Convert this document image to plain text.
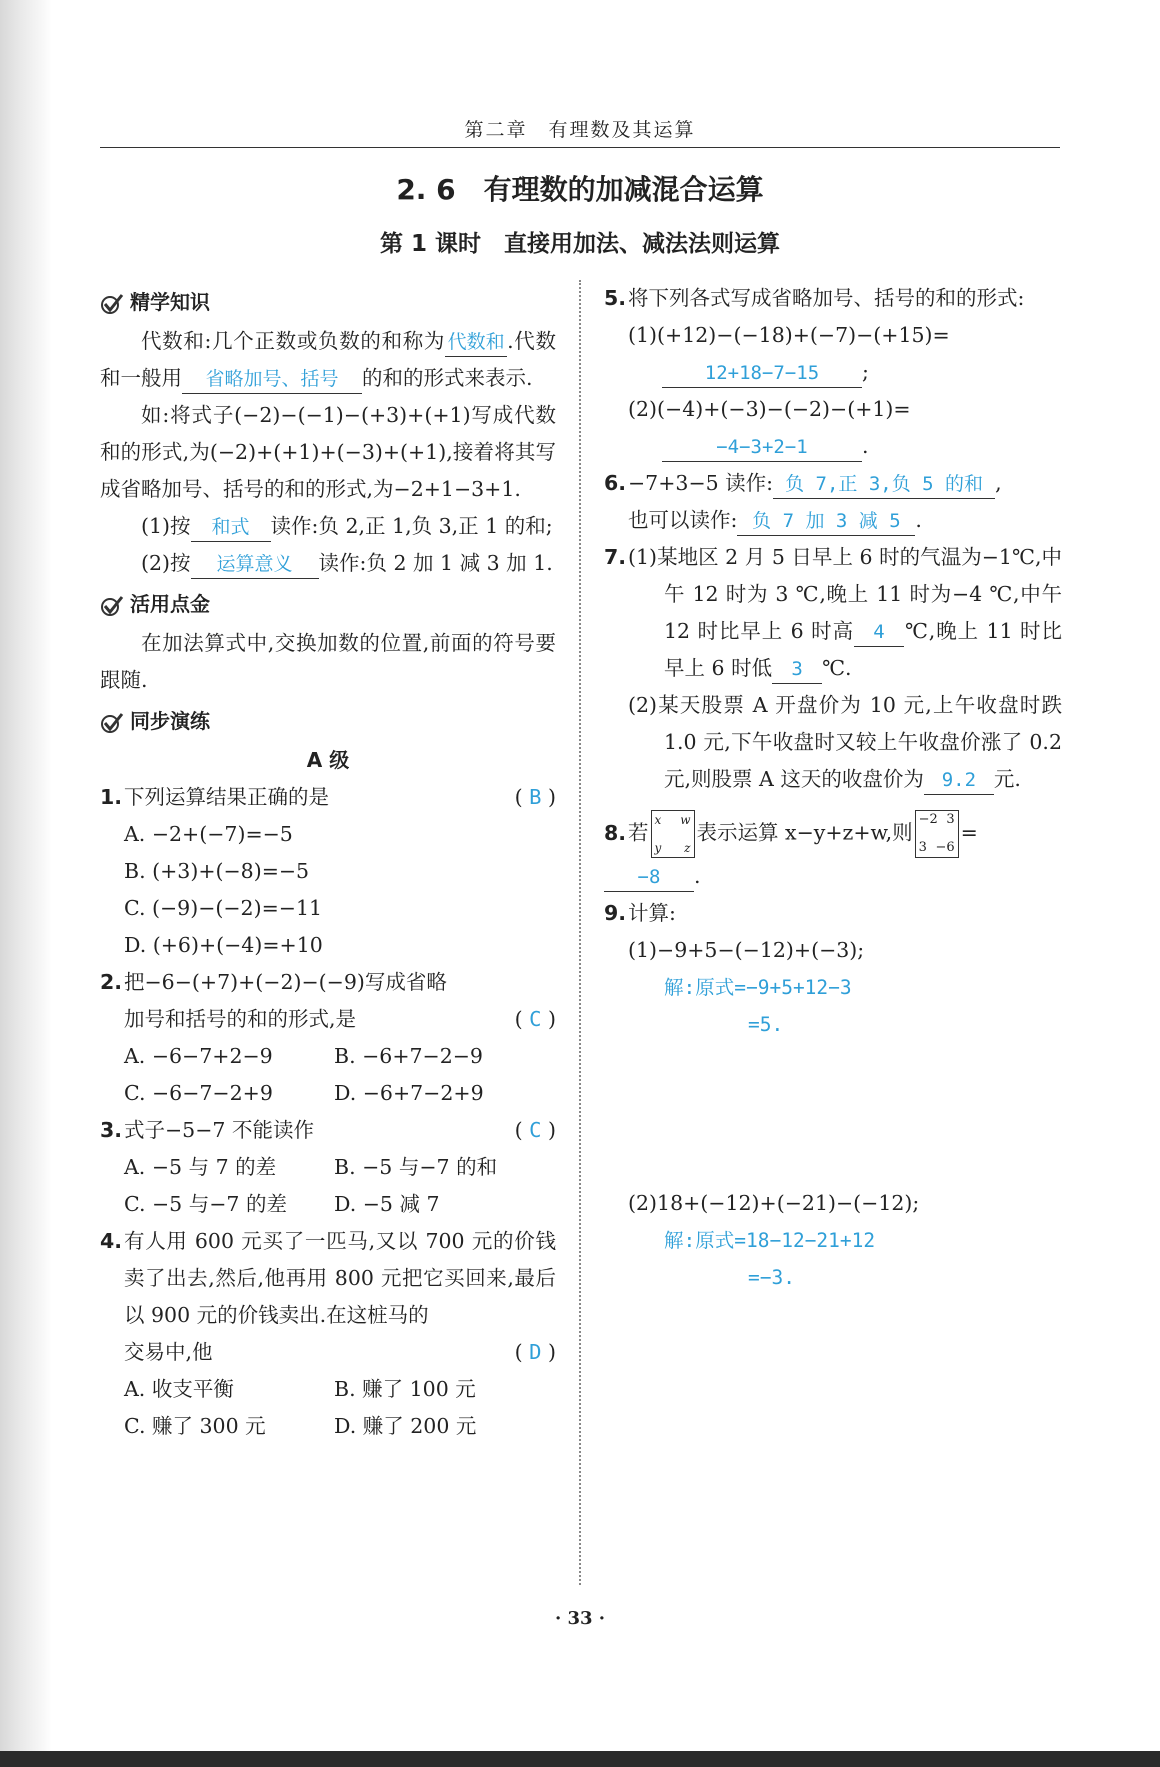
第二章　有理数及其运算
2. 6　有理数的加减混合运算
第 1 课时　直接用加法、减法法则运算
精学知识

代数和:几个正数或负数的和称为 代数和 .代数和一般用 省略加号、括号 的和的形式来表示.

如:将式子(−2)−(−1)−(+3)+(+1)写成代数和的形式,为(−2)+(+1)+(−3)+(+1),接着将其写成省略加号、括号的和的形式,为−2+1−3+1.

(1)按 和式 读作:负 2,正 1,负 3,正 1 的和;

(2)按 运算意义 读作:负 2 加 1 减 3 加 1.

活用点金

在加法算式中,交换加数的位置,前面的符号要跟随.

同步演练
A 级
1. 下列运算结果正确的是	( B )
A. −2+(−7)=−5
B. (+3)+(−8)=−5
C. (−9)−(−2)=−11
D. (+6)+(−4)=+10
2. 把−6−(+7)+(−2)−(−9)写成省略
加号和括号的和的形式,是	( C )
A. −6−7+2−9	B. −6+7−2−9
C. −6−7−2+9	D. −6+7−2+9
3. 式子−5−7 不能读作	( C )
A. −5 与 7 的差	B. −5 与−7 的和
C. −5 与−7 的差	D. −5 减 7
4. 有人用 600 元买了一匹马,又以 700 元的价钱卖了出去,然后,他再用 800 元把它买回来,最后以 900 元的价钱卖出.在这桩马的
交易中,他	( D )
A. 收支平衡	B. 赚了 100 元
C. 赚了 300 元	D. 赚了 200 元
5. 将下列各式写成省略加号、括号的和的形式:
(1)(+12)−(−18)+(−7)−(+15)=
12+18−7−15 ;
(2)(−4)+(−3)−(−2)−(+1)=
−4−3+2−1	.
6. −7+3−5 读作: 负 7,正 3,负 5 的和 ,
也可以读作: 负 7 加 3 减 5 .
7. (1)某地区 2 月 5 日早上 6 时的气温为−1℃,中午 12 时为 3 ℃,晚上 11 时为−4 ℃,中午 12 时比早上 6 时高 4 ℃,晚上 11 时比早上 6 时低 3 ℃.
(2)某天股票 A 开盘价为 10 元,上午收盘时跌 1.0 元,下午收盘时又较上午收盘价涨了 0.2 元,则股票 A 这天的收盘价为 9.2 元.
8. 若
x w
y z
表示运算 x−y+z+w,则
−2 3
3 −6
=
−8 .
9. 计算:
(1)−9+5−(−12)+(−3);
解:原式=−9+5+12−3
=5.
(2)18+(−12)+(−21)−(−12);
解:原式=18−12−21+12
=−3.
· 33 ·
